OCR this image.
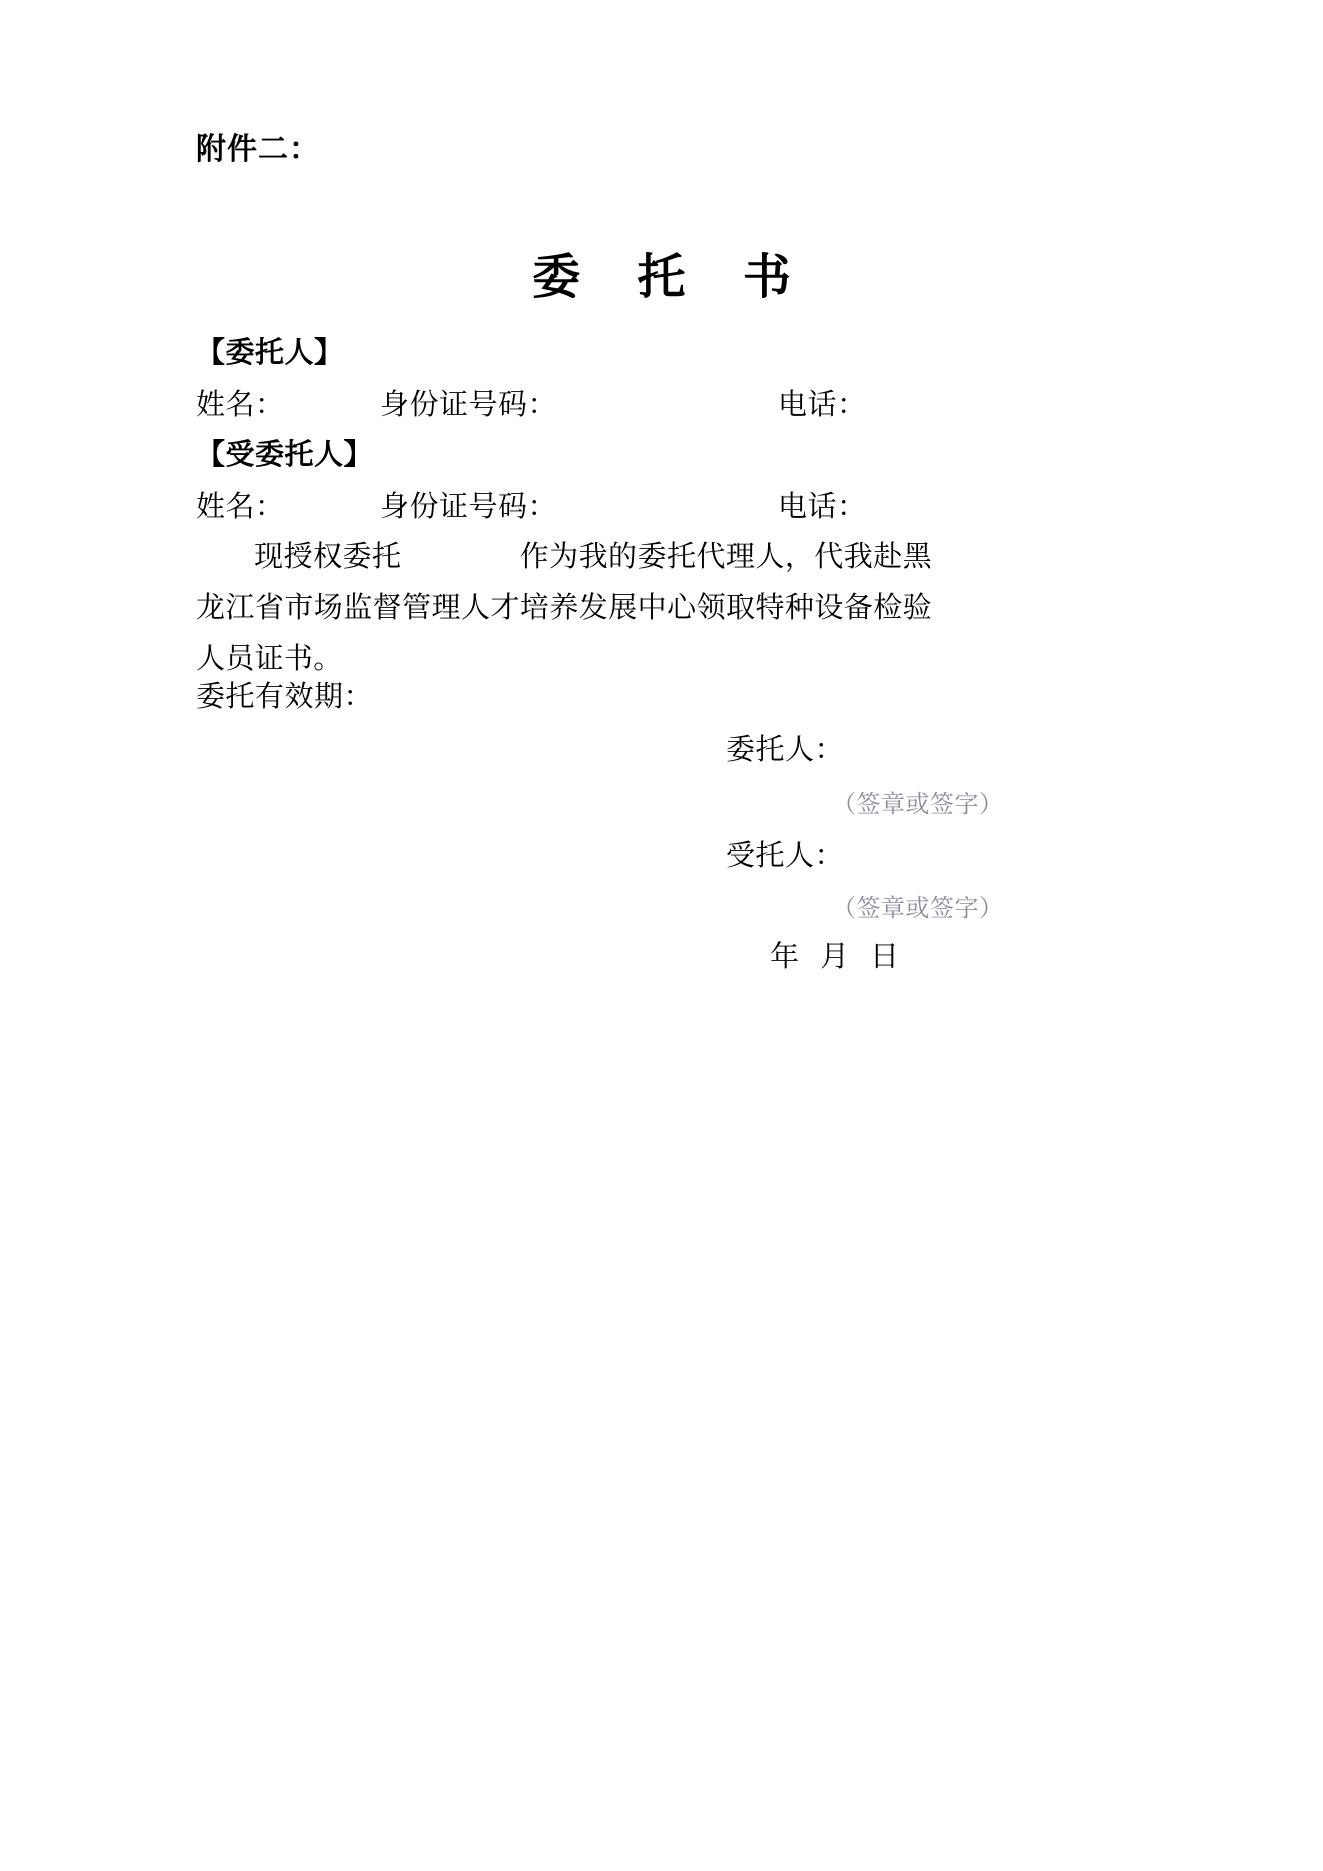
附件二：
委 托 书
【委托人】
姓名：	身份证号码：	电话：
【受委托人】
姓名：	身份证号码：	电话：
现授权委托	作为我的委托代理人，代我赴黑龙江省市场监督管理人才培养发展中心领取特种设备检验人员证书。
委托有效期：
委托人：
（签章或签字）
受托人：
（签章或签字）
年 月 日
